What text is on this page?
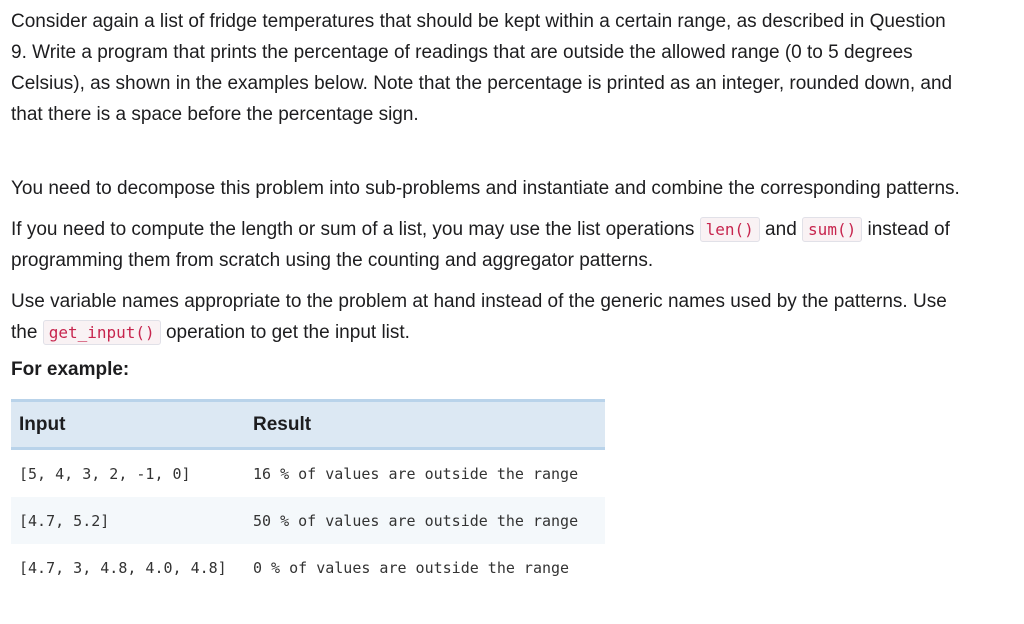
Consider again a list of fridge temperatures that should be kept within a certain range, as described in Question 9. Write a program that prints the percentage of readings that are outside the allowed range (0 to 5 degrees Celsius), as shown in the examples below. Note that the percentage is printed as an integer, rounded down, and that there is a space before the percentage sign.

You need to decompose this problem into sub-problems and instantiate and combine the corresponding patterns.

If you need to compute the length or sum of a list, you may use the list operations len() and sum() instead of programming them from scratch using the counting and aggregator patterns.

Use variable names appropriate to the problem at hand instead of the generic names used by the patterns. Use the get_input() operation to get the input list.

For example:
Input	Result
[5, 4, 3, 2, -1, 0]	16 % of values are outside the range
[4.7, 5.2]	50 % of values are outside the range
[4.7, 3, 4.8, 4.0, 4.8]	0 % of values are outside the range
